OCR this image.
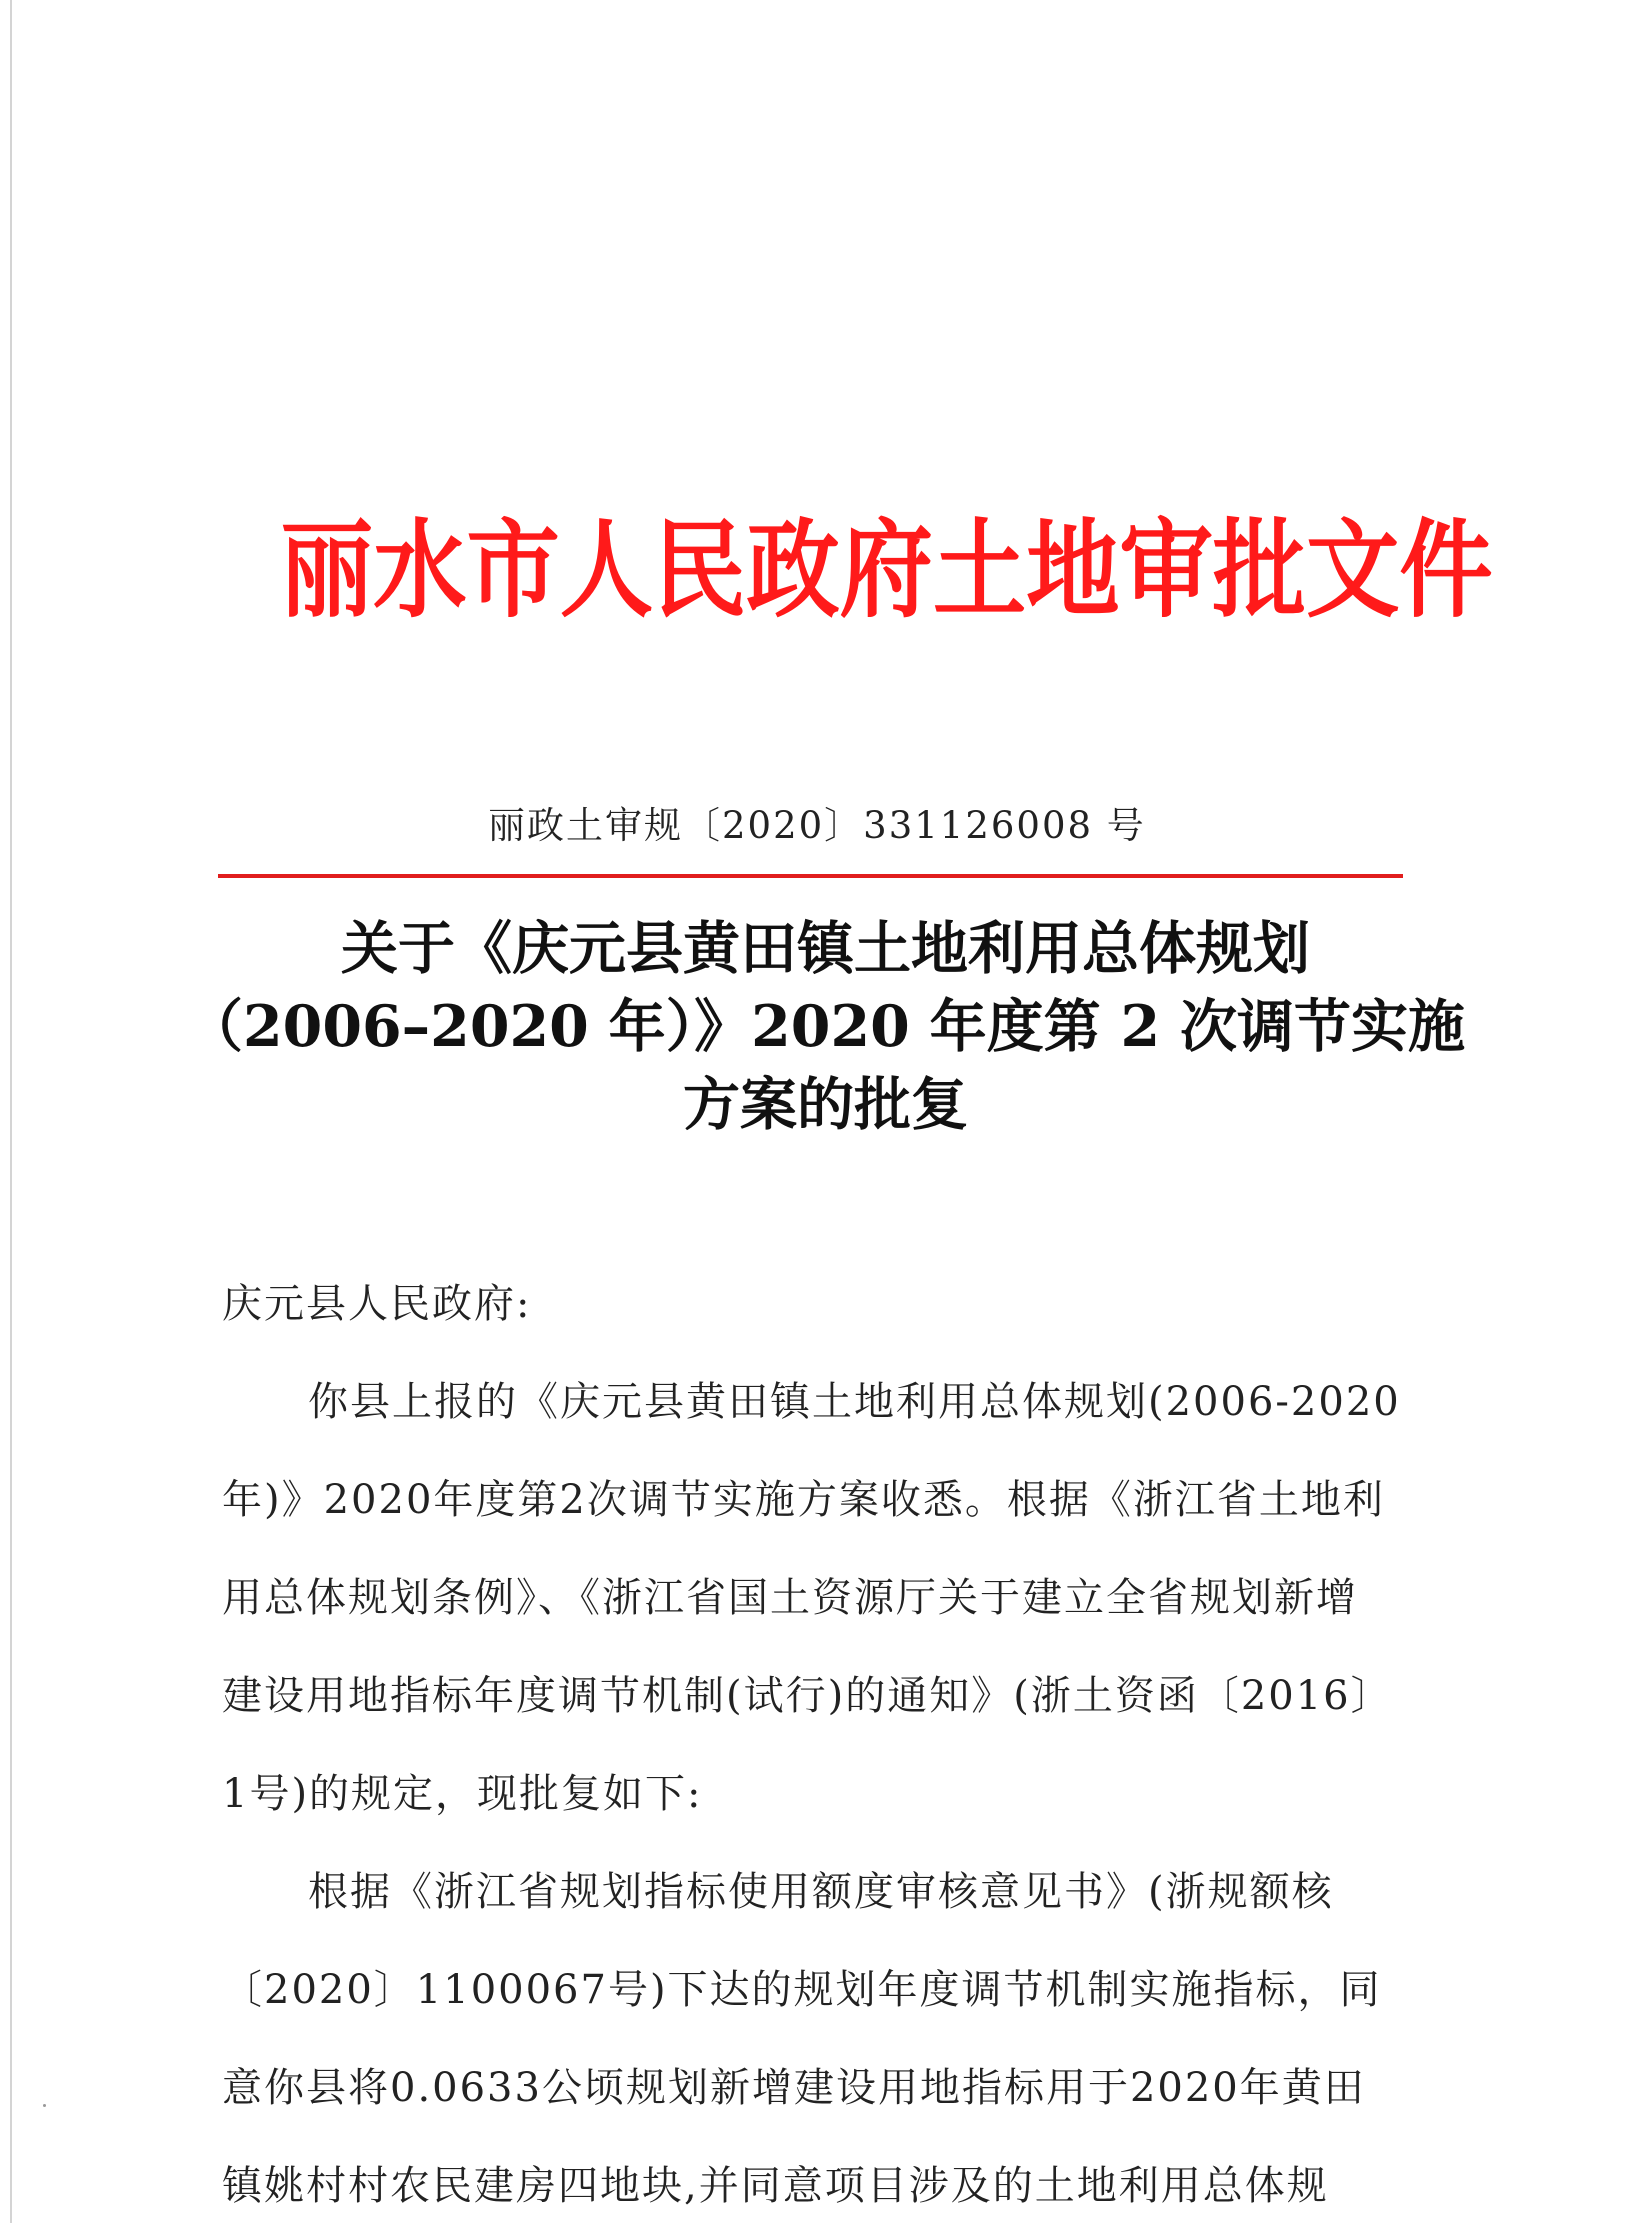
丽水市人民政府土地审批文件
丽政土审规〔2020〕331126008 号
关于《庆元县黄田镇土地利用总体规划
（2006–2020 年）》2020 年度第 2 次调节实施
方案的批复
庆元县人民政府:
你县上报的《庆元县黄田镇土地利用总体规划(2006-2020
年)》2020年度第2次调节实施方案收悉。根据《浙江省土地利
用总体规划条例》、《浙江省国土资源厅关于建立全省规划新增
建设用地指标年度调节机制(试行)的通知》(浙土资函〔2016〕
1号)的规定，现批复如下:
根据《浙江省规划指标使用额度审核意见书》(浙规额核
〔2020〕1100067号)下达的规划年度调节机制实施指标，同
意你县将0.0633公顷规划新增建设用地指标用于2020年黄田
镇姚村村农民建房四地块,并同意项目涉及的土地利用总体规
